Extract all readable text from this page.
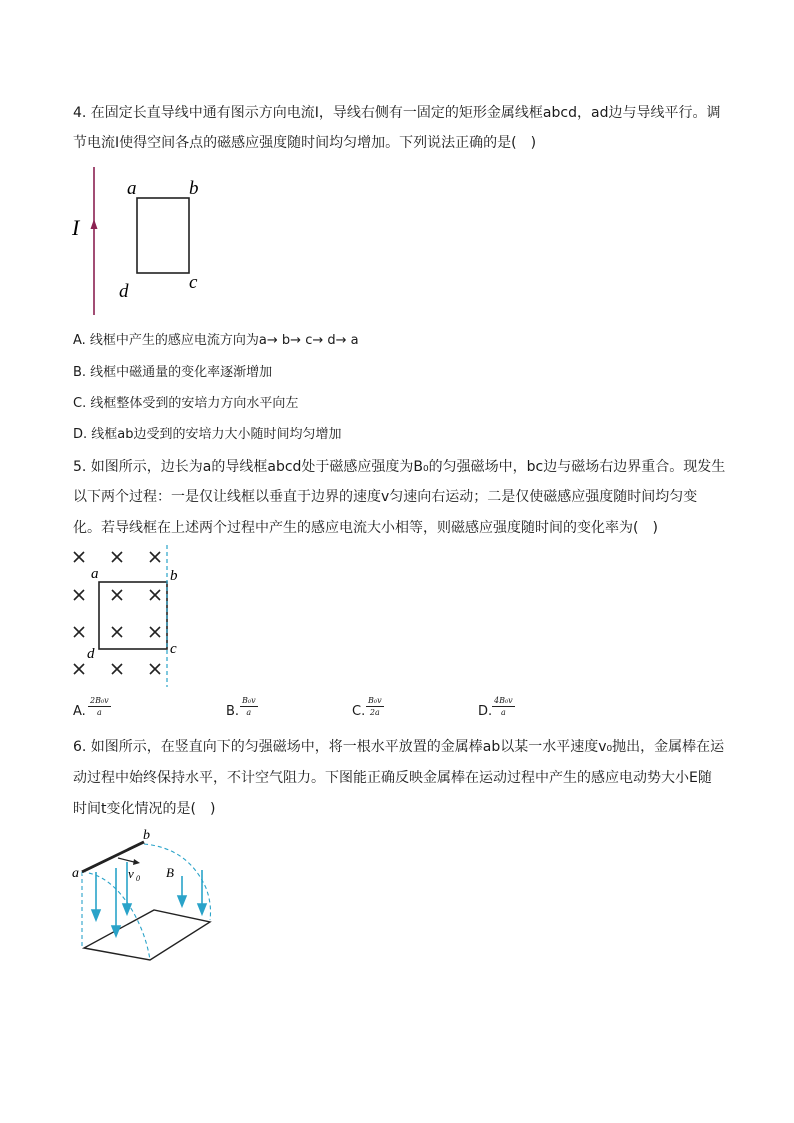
4. 在固定长直导线中通有图示方向电流I，导线右侧有一固定的矩形金属线框abcd，ad边与导线平行。调
节电流I使得空间各点的磁感应强度随时间均匀增加。下列说法正确的是(　)
I
a	b
c
d
A. 线框中产生的感应电流方向为a→ b→ c→ d→ a
B. 线框中磁通量的变化率逐渐增加
C. 线框整体受到的安培力方向水平向左
D. 线框ab边受到的安培力大小随时间均匀增加
5. 如图所示，边长为a的导线框abcd处于磁感应强度为B₀的匀强磁场中，bc边与磁场右边界重合。现发生
以下两个过程：一是仅让线框以垂直于边界的速度v匀速向右运动；二是仅使磁感应强度随时间均匀变
化。若导线框在上述两个过程中产生的感应电流大小相等，则磁感应强度随时间的变化率为(　)
a	b
c
d
A. $\frac{\text{2B₀v}}{a}$	B. $\frac{\text{B₀v}}{a}$	C. $\frac{\text{B₀v}}{2a}$	D. $\frac{\text{4B₀v}}{a}$
6. 如图所示，在竖直向下的匀强磁场中，将一根水平放置的金属棒ab以某一水平速度v₀抛出，金属棒在运
动过程中始终保持水平，不计空气阻力。下图能正确反映金属棒在运动过程中产生的感应电动势大小E随
时间t变化情况的是(　)
a
b
v 0 B
